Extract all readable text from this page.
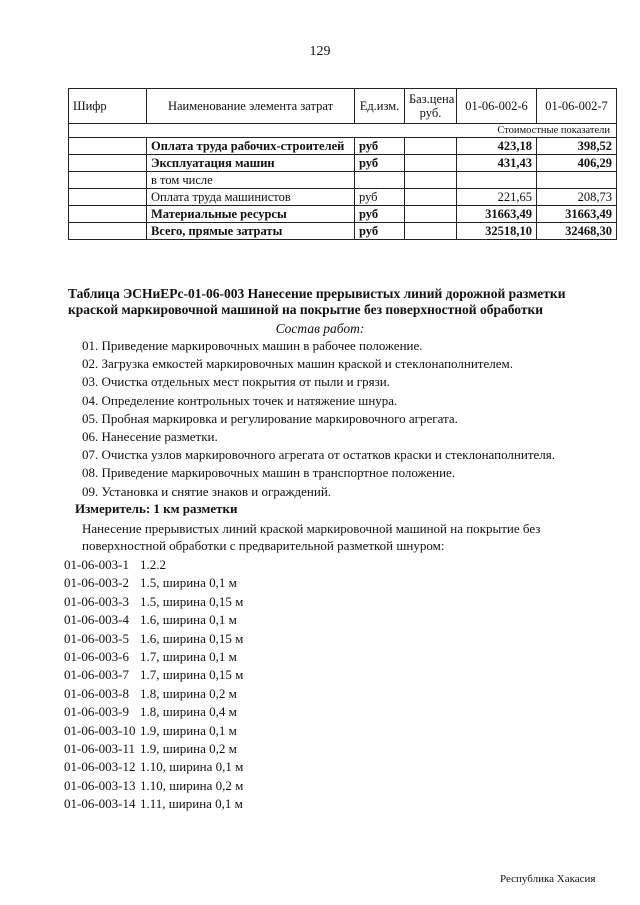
129
Шифр	Наименование элемента затрат	Ед.изм.	Баз.цена руб.	01-06-002-6	01-06-002-7
Стоимостные показатели					
	Оплата труда рабочих-строителей	руб		423,18	398,52
	Эксплуатация машин	руб		431,43	406,29
	в том числе				
	Оплата труда машинистов	руб		221,65	208,73
	Материальные ресурсы	руб		31663,49	31663,49
	Всего, прямые затраты	руб		32518,10	32468,30
Таблица ЭСНиЕРс-01-06-003 Нанесение прерывистых линий дорожной разметки краской маркировочной машиной на покрытие без поверхностной обработки
Состав работ:
01. Приведение маркировочных машин в рабочее положение.
02. Загрузка емкостей маркировочных машин краской и стеклонаполнителем.
03. Очистка отдельных мест покрытия от пыли и грязи.
04. Определение контрольных точек и натяжение шнура.
05. Пробная маркировка и регулирование маркировочного агрегата.
06. Нанесение разметки.
07. Очистка узлов маркировочного агрегата от остатков краски и стеклонаполнителя.
08. Приведение маркировочных машин в транспортное положение.
09. Установка и снятие знаков и ограждений.
Измеритель: 1 км разметки
Нанесение прерывистых линий краской маркировочной машиной на покрытие без поверхностной обработки с предварительной разметкой шнуром:
01-06-003-1 1.2.2
01-06-003-2 1.5, ширина 0,1 м
01-06-003-3 1.5, ширина 0,15 м
01-06-003-4 1.6, ширина 0,1 м
01-06-003-5 1.6, ширина 0,15 м
01-06-003-6 1.7, ширина 0,1 м
01-06-003-7 1.7, ширина 0,15 м
01-06-003-8 1.8, ширина 0,2 м
01-06-003-9 1.8, ширина 0,4 м
01-06-003-10 1.9, ширина 0,1 м
01-06-003-11 1.9, ширина 0,2 м
01-06-003-12 1.10, ширина 0,1 м
01-06-003-13 1.10, ширина 0,2 м
01-06-003-14 1.11, ширина 0,1 м
Республика Хакасия
